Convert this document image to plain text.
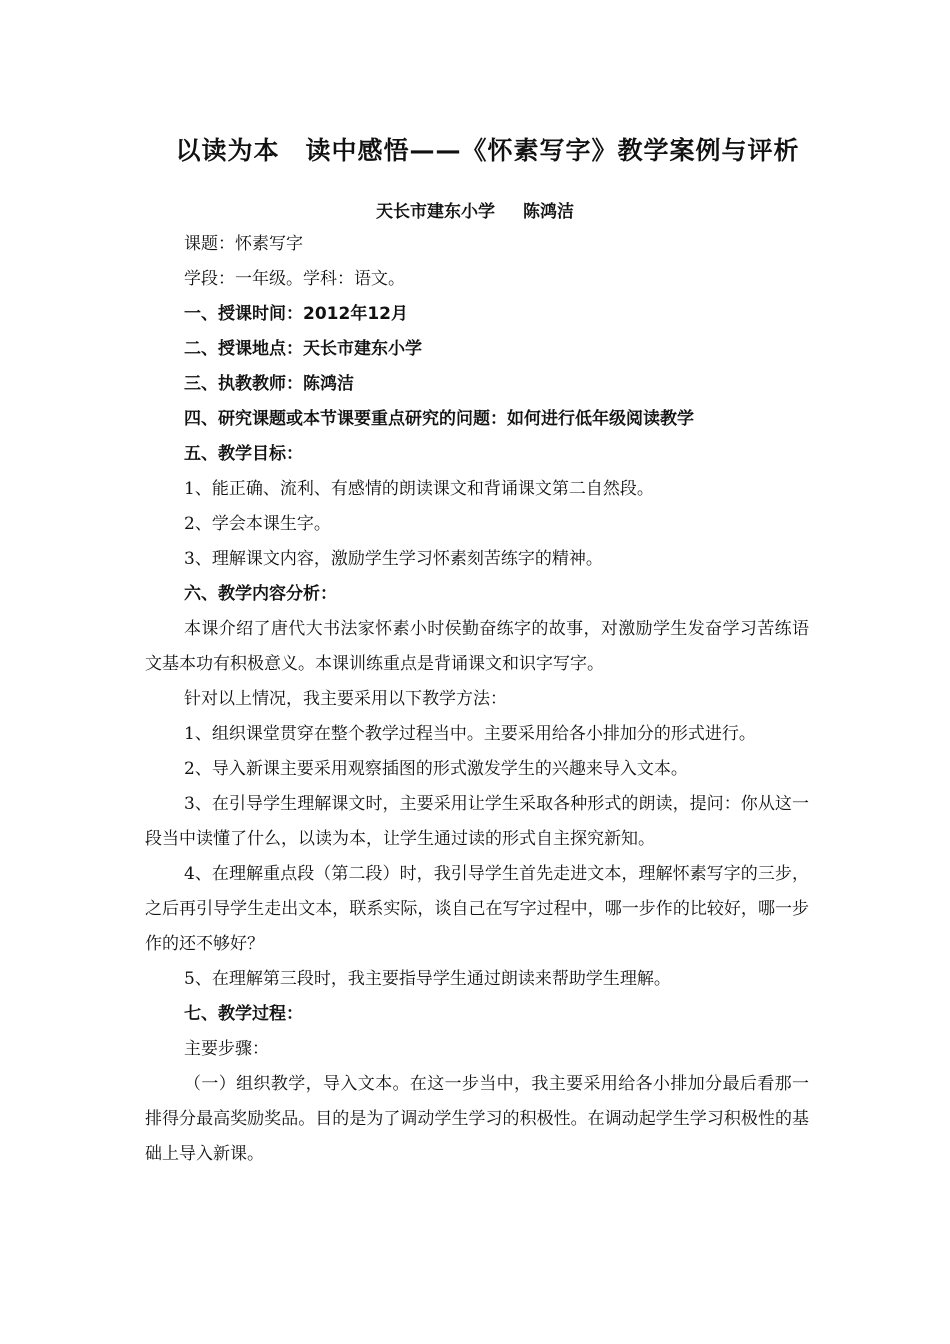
以读为本　读中感悟——《怀素写字》教学案例与评析
天长市建东小学 陈鸿洁

课题：怀素写字

学段：一年级。学科：语文。

一、授课时间：2012年12月

二、授课地点：天长市建东小学

三、执教教师：陈鸿洁

四、研究课题或本节课要重点研究的问题：如何进行低年级阅读教学

五、教学目标：

1、能正确、流利、有感情的朗读课文和背诵课文第二自然段。

2、学会本课生字。

3、理解课文内容，激励学生学习怀素刻苦练字的精神。

六、教学内容分析：

本课介绍了唐代大书法家怀素小时侯勤奋练字的故事，对激励学生发奋学习苦练语文基本功有积极意义。本课训练重点是背诵课文和识字写字。

针对以上情况，我主要采用以下教学方法：

1、组织课堂贯穿在整个教学过程当中。主要采用给各小排加分的形式进行。

2、导入新课主要采用观察插图的形式激发学生的兴趣来导入文本。

3、在引导学生理解课文时，主要采用让学生采取各种形式的朗读，提问：你从这一段当中读懂了什么，以读为本，让学生通过读的形式自主探究新知。

4、在理解重点段（第二段）时，我引导学生首先走进文本，理解怀素写字的三步，之后再引导学生走出文本，联系实际，谈自己在写字过程中，哪一步作的比较好，哪一步作的还不够好？

5、在理解第三段时，我主要指导学生通过朗读来帮助学生理解。

七、教学过程：

主要步骤：

（一）组织教学，导入文本。在这一步当中，我主要采用给各小排加分最后看那一排得分最高奖励奖品。目的是为了调动学生学习的积极性。在调动起学生学习积极性的基础上导入新课。
